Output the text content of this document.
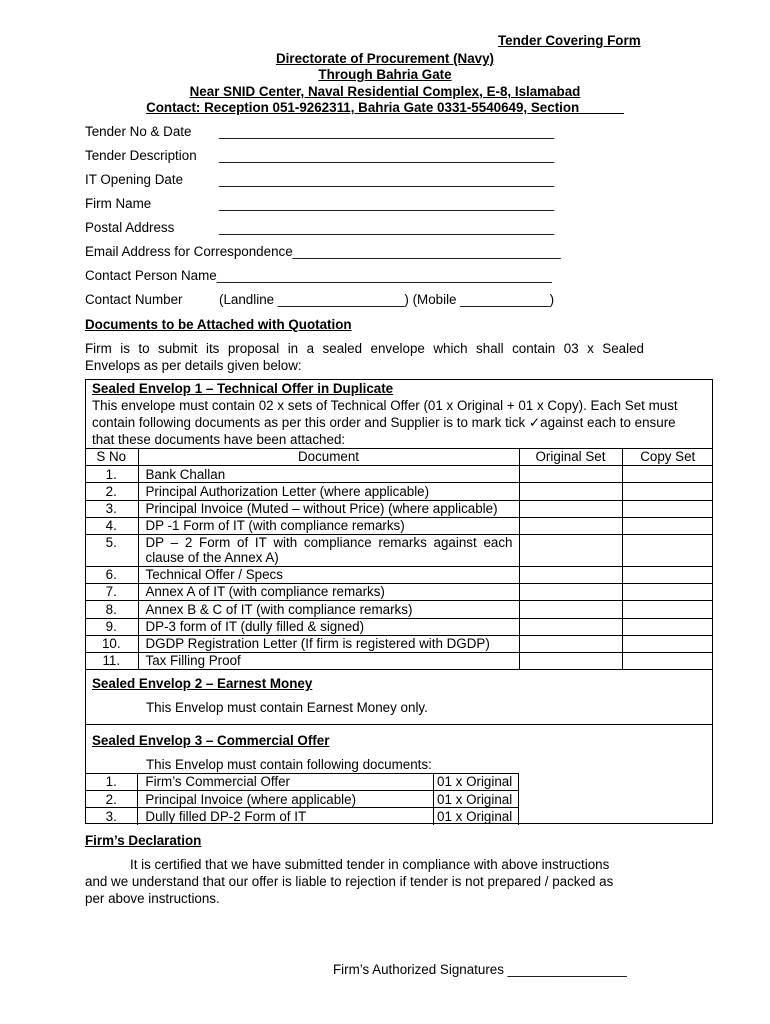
Tender Covering Form
Directorate of Procurement (Navy)
Through Bahria Gate
Near SNID Center, Naval Residential Complex, E-8, Islamabad
Contact: Reception 051-9262311, Bahria Gate 0331-5540649, Section______
Tender No & Date _____________________________________________
Tender Description _____________________________________________
IT Opening Date	_____________________________________________
Firm Name	_____________________________________________
Postal Address	_____________________________________________
Email Address for Correspondence____________________________________
Contact Person Name_____________________________________________
Contact Number	(Landline _________________) (Mobile ____________)
Documents to be Attached with Quotation
Firm is to submit its proposal in a sealed envelope which shall contain 03 x Sealed
Envelops as per details given below:
Sealed Envelop 1 – Technical Offer in Duplicate
This envelope must contain 02 x sets of Technical Offer (01 x Original + 01 x Copy). Each Set must
contain following documents as per this order and Supplier is to mark tick ✓against each to ensure
that these documents have been attached:
S No	Document	Original Set	Copy Set
1.	Bank Challan		
2.	Principal Authorization Letter (where applicable)		
3.	Principal Invoice (Muted – without Price) (where applicable)		
4.	DP -1 Form of IT (with compliance remarks)		
5.	DP – 2 Form of IT with compliance remarks against each
clause of the Annex A)		

6.	Technical Offer / Specs		
7.	Annex A of IT (with compliance remarks)		
8.	Annex B & C of IT (with compliance remarks)		
9.	DP-3 form of IT (dully filled & signed)		
10.	DGDP Registration Letter (If firm is registered with DGDP)		
11.	Tax Filling Proof		
Sealed Envelop 2 – Earnest Money
This Envelop must contain Earnest Money only.
Sealed Envelop 3 – Commercial Offer
This Envelop must contain following documents:
1.	Firm’s Commercial Offer	01 x Original
2.	Principal Invoice (where applicable)	01 x Original
3.	Dully filled DP-2 Form of IT	01 x Original
Firm’s Declaration
It is certified that we have submitted tender in compliance with above instructions
and we understand that our offer is liable to rejection if tender is not prepared / packed as
per above instructions.
Firm’s Authorized Signatures ________________
